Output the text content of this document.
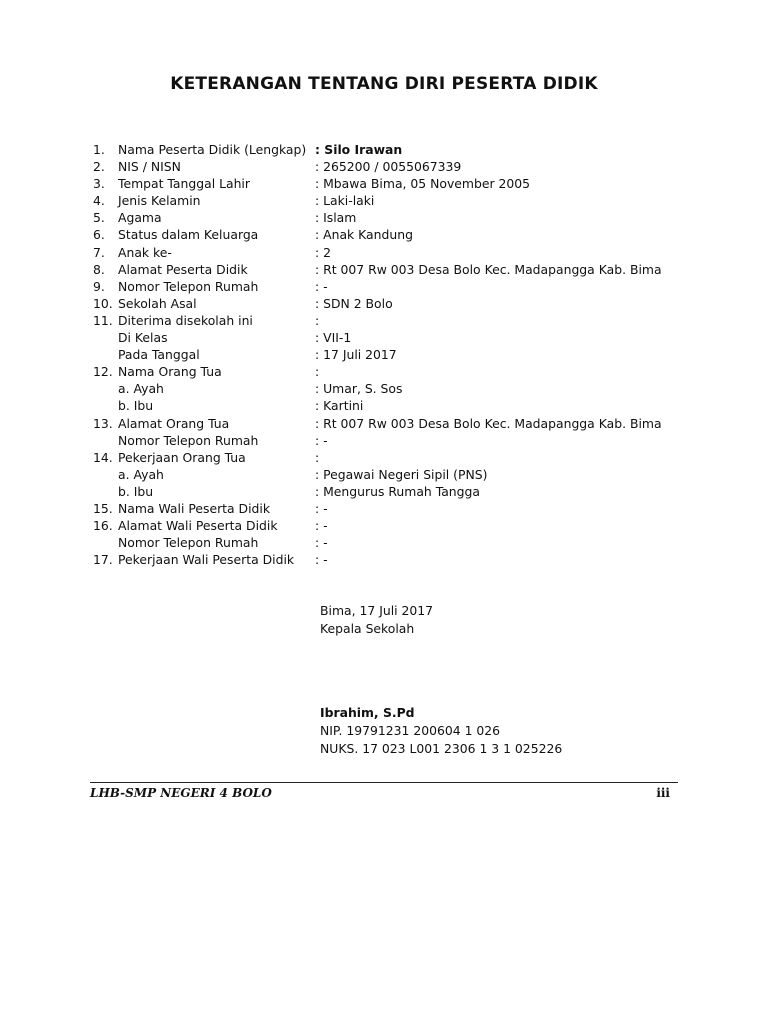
KETERANGAN TENTANG DIRI PESERTA DIDIK
1. Nama Peserta Didik (Lengkap) : Silo Irawan
2. NIS / NISN	: 265200 / 0055067339
3. Tempat Tanggal Lahir	: Mbawa Bima, 05 November 2005
4. Jenis Kelamin	: Laki-laki
5. Agama	: Islam
6. Status dalam Keluarga	: Anak Kandung
7. Anak ke-	: 2
8. Alamat Peserta Didik	: Rt 007 Rw 003 Desa Bolo Kec. Madapangga Kab. Bima
9. Nomor Telepon Rumah	: -
10. Sekolah Asal	: SDN 2 Bolo
11. Diterima disekolah ini	:
Di Kelas	: VII-1
Pada Tanggal	: 17 Juli 2017
12. Nama Orang Tua	:
a. Ayah	: Umar, S. Sos
b. Ibu	: Kartini
13. Alamat Orang Tua	: Rt 007 Rw 003 Desa Bolo Kec. Madapangga Kab. Bima
Nomor Telepon Rumah	: -
14. Pekerjaan Orang Tua	:
a. Ayah	: Pegawai Negeri Sipil (PNS)
b. Ibu	: Mengurus Rumah Tangga
15. Nama Wali Peserta Didik	: -
16. Alamat Wali Peserta Didik	: -
Nomor Telepon Rumah	: -
17. Pekerjaan Wali Peserta Didik : -
Bima, 17 Juli 2017
Kepala Sekolah
Ibrahim, S.Pd
NIP. 19791231 200604 1 026
NUKS. 17 023 L001 2306 1 3 1 025226
LHB-SMP NEGERI 4 BOLO	iii
